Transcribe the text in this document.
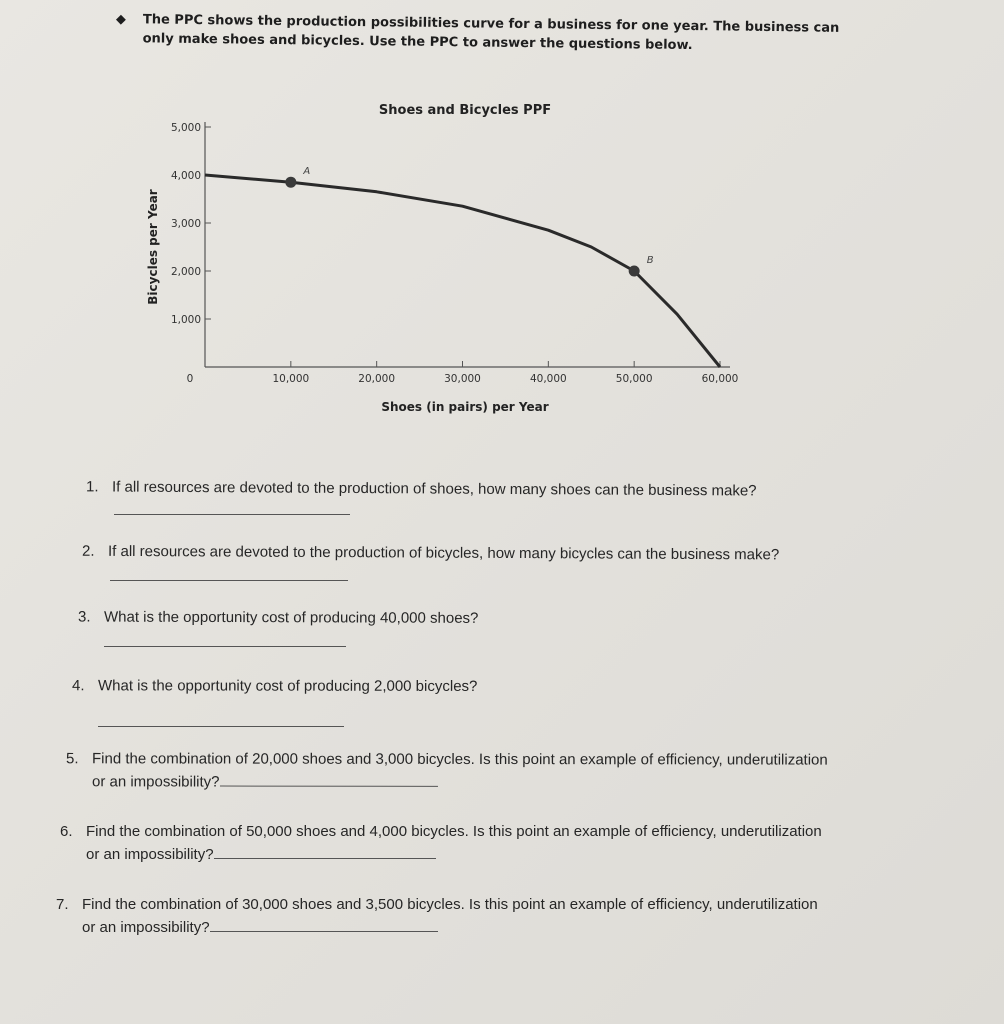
◆	The PPC shows the production possibilities curve for a business for one year. The business can only make shoes and bicycles. Use the PPC to answer the questions below.
Shoes and Bicycles PPF
5,000
4,000
3,000
2,000
1,000
0	10,000	20,000	30,000	40,000	50,000	60,000
Shoes (in pairs) per Year
Bicycles per Year
A
B
1. If all resources are devoted to the production of shoes, how many shoes can the business make?
2. If all resources are devoted to the production of bicycles, how many bicycles can the business make?
3. What is the opportunity cost of producing 40,000 shoes?
4. What is the opportunity cost of producing 2,000 bicycles?
5. Find the combination of 20,000 shoes and 3,000 bicycles. Is this point an example of efficiency, underutilization
or an impossibility?
6. Find the combination of 50,000 shoes and 4,000 bicycles. Is this point an example of efficiency, underutilization
or an impossibility?
7. Find the combination of 30,000 shoes and 3,500 bicycles. Is this point an example of efficiency, underutilization
or an impossibility?
